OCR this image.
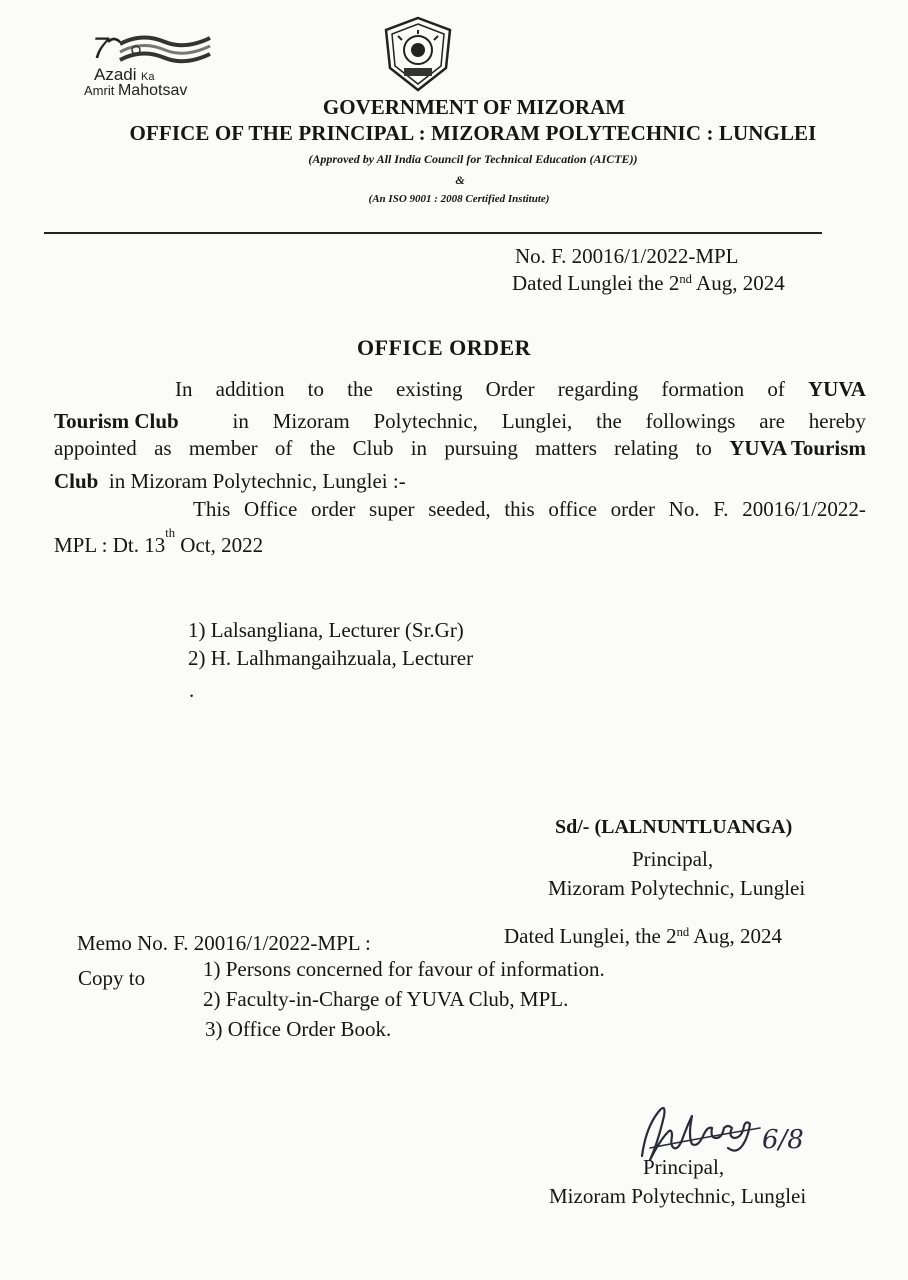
7
Azadi Ka
Amrit Mahotsav
GOVERNMENT OF MIZORAM
OFFICE OF THE PRINCIPAL : MIZORAM POLYTECHNIC : LUNGLEI
(Approved by All India Council for Technical Education (AICTE))
&
(An ISO 9001 : 2008 Certified Institute)
No. F. 20016/1/2022-MPL
Dated Lunglei the 2nd Aug, 2024
OFFICE ORDER
In addition to the existing Order regarding formation of YUVA
Tourism Club	in Mizoram Polytechnic, Lunglei, the followings are hereby
appointed as member of the Club in pursuing matters relating to YUVA Tourism
Club in Mizoram Polytechnic, Lunglei :-
This Office order super seeded, this office order No. F. 20016/1/2022-
MPL : Dt. 13 th Oct, 2022
1) Lalsangliana, Lecturer (Sr.Gr)
2) H. Lalhmangaihzuala, Lecturer
.
Sd/- (LALNUNTLUANGA)
Principal,
Mizoram Polytechnic, Lunglei
Memo No. F. 20016/1/2022-MPL :	Dated Lunglei, the 2nd Aug, 2024
Copy to	1) Persons concerned for favour of information.
2) Faculty-in-Charge of YUVA Club, MPL.
3) Office Order Book.
6/8
Principal,
Mizoram Polytechnic, Lunglei
